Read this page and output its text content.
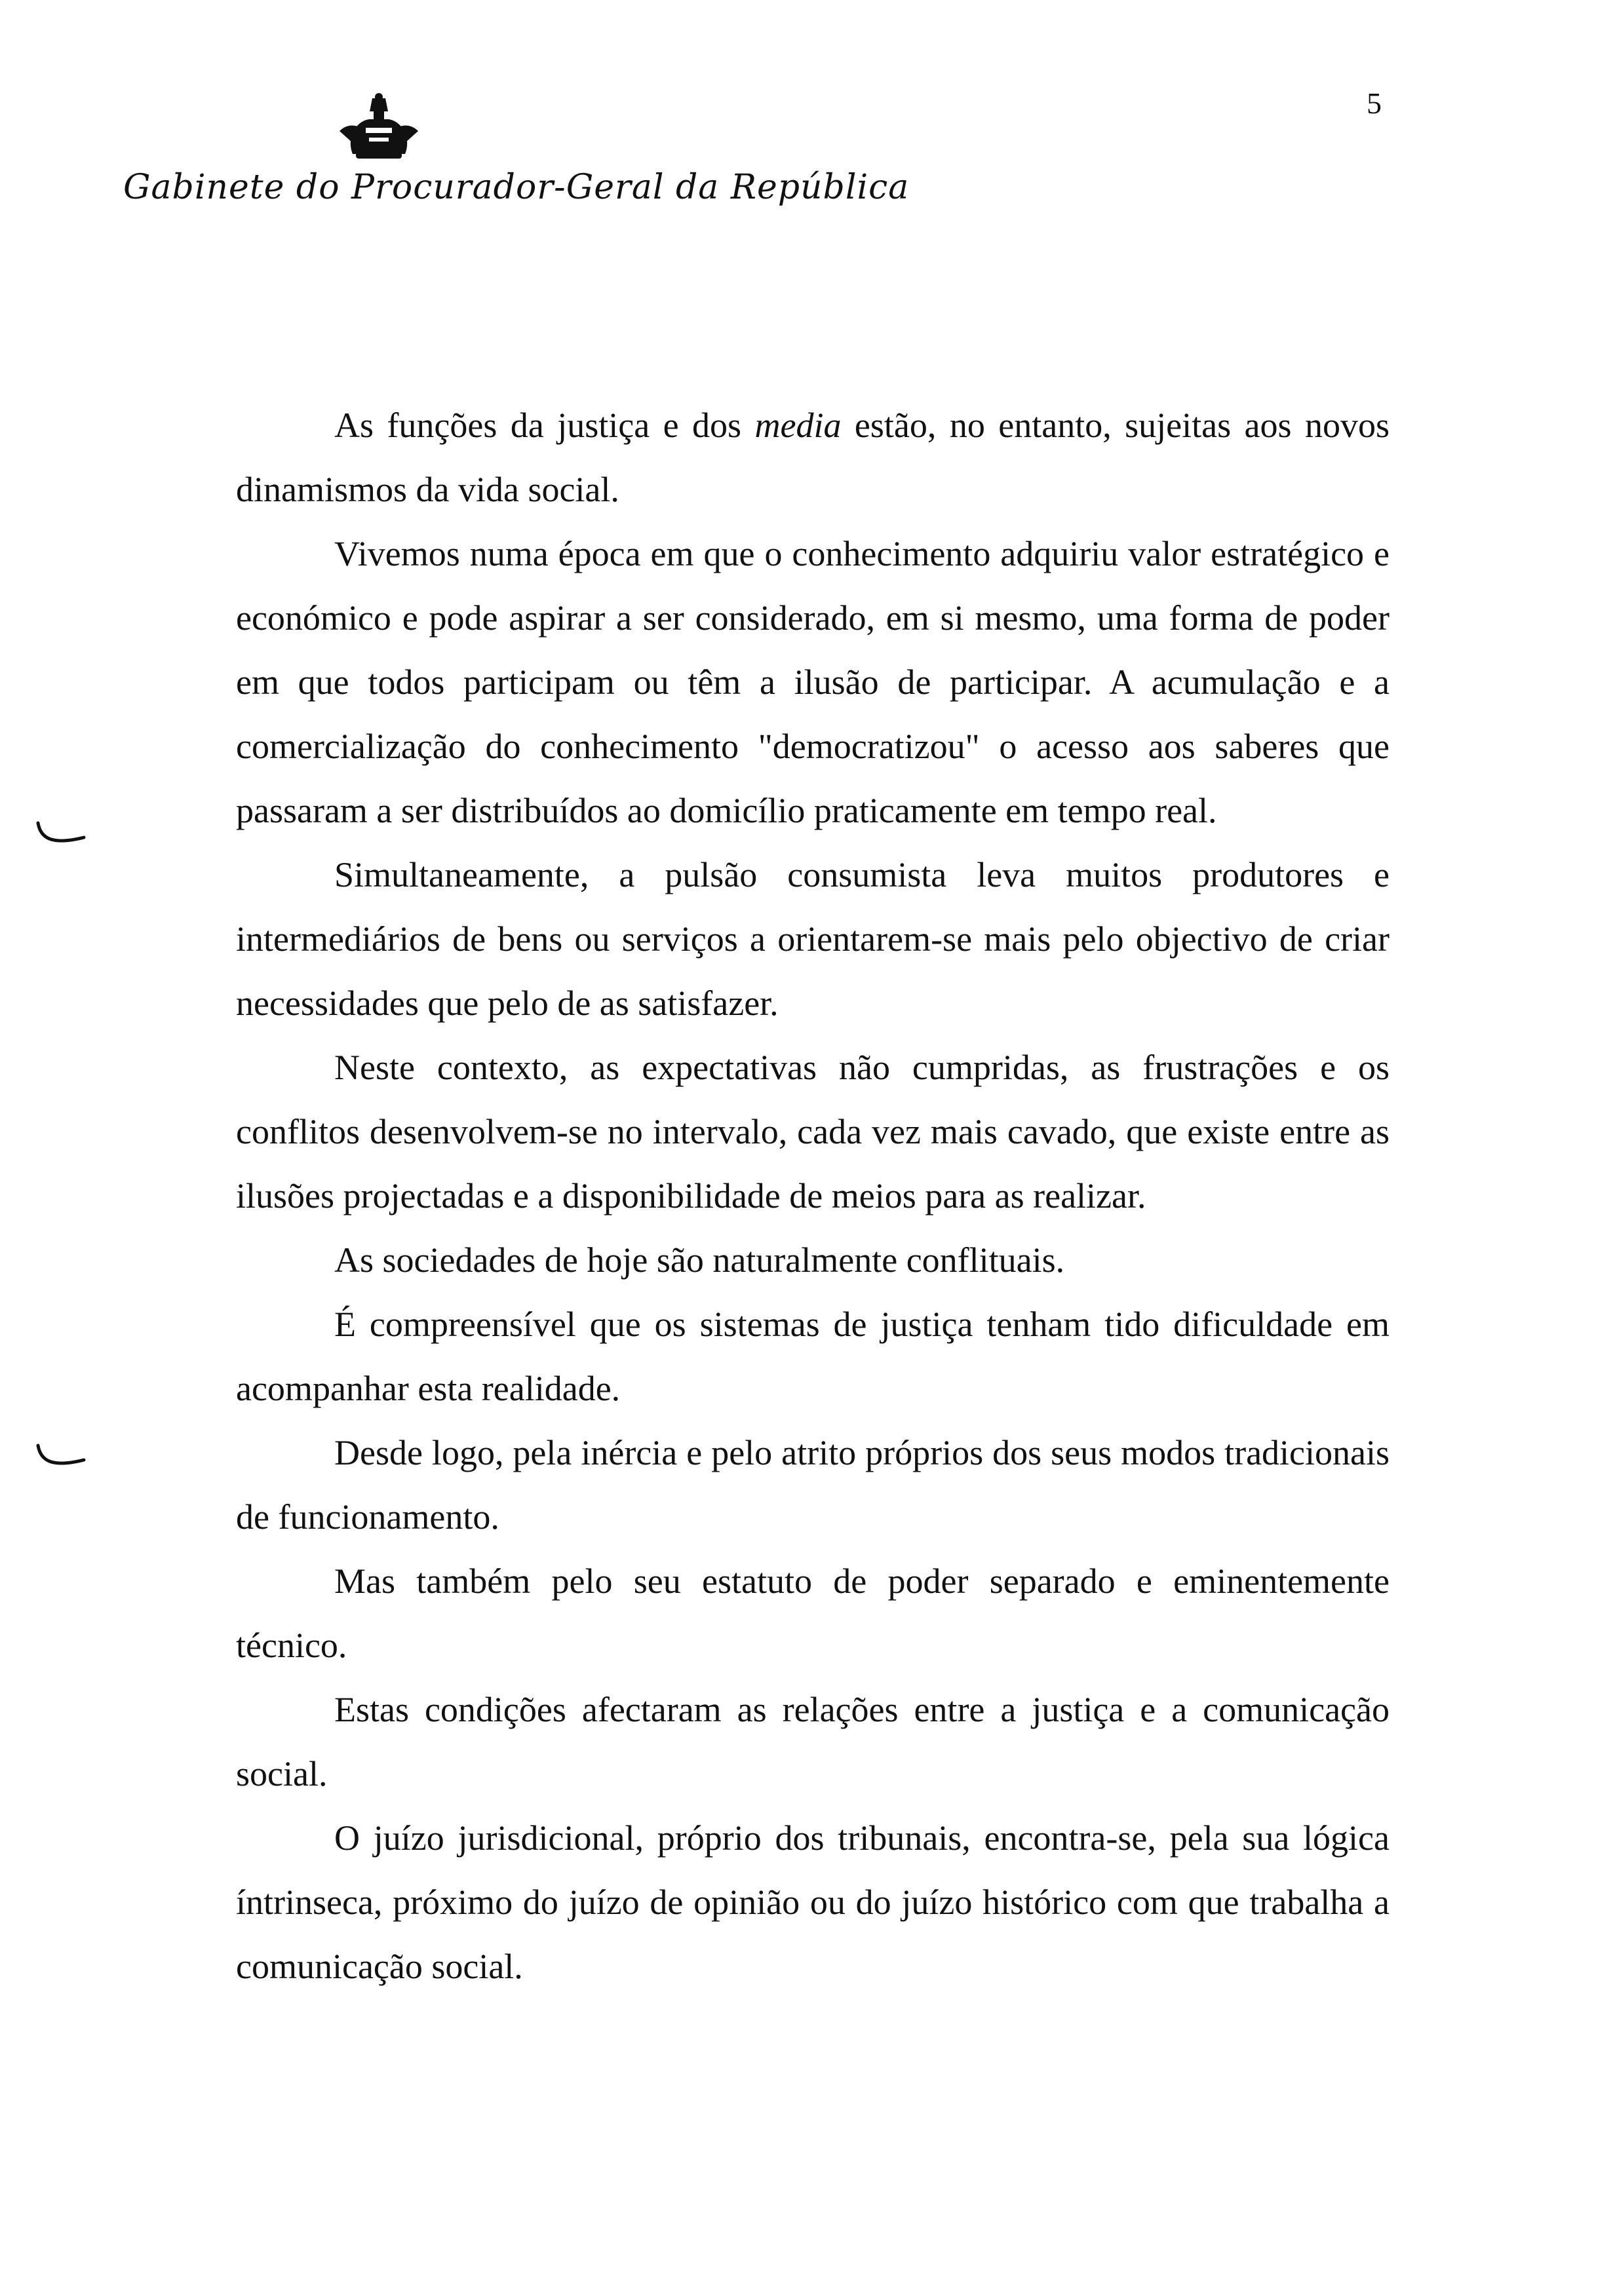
Gabinete do Procurador-Geral da República
5

As funções da justiça e dos media estão, no entanto, sujeitas aos novos dinamismos da vida social.

Vivemos numa época em que o conhecimento adquiriu valor estratégico e económico e pode aspirar a ser considerado, em si mesmo, uma forma de poder em que todos participam ou têm a ilusão de participar. A acumulação e a comercialização do conhecimento "democratizou" o acesso aos saberes que passaram a ser distribuídos ao domicílio praticamente em tempo real.

Simultaneamente, a pulsão consumista leva muitos produtores e intermediários de bens ou serviços a orientarem-se mais pelo objectivo de criar necessidades que pelo de as satisfazer.

Neste contexto, as expectativas não cumpridas, as frustrações e os conflitos desenvolvem-se no intervalo, cada vez mais cavado, que existe entre as ilusões projectadas e a disponibilidade de meios para as realizar.

As sociedades de hoje são naturalmente conflituais.

É compreensível que os sistemas de justiça tenham tido dificuldade em acompanhar esta realidade.

Desde logo, pela inércia e pelo atrito próprios dos seus modos tradicionais de funcionamento.

Mas também pelo seu estatuto de poder separado e eminentemente técnico.

Estas condições afectaram as relações entre a justiça e a comunicação social.

O juízo jurisdicional, próprio dos tribunais, encontra-se, pela sua lógica íntrinseca, próximo do juízo de opinião ou do juízo histórico com que trabalha a comunicação social.
